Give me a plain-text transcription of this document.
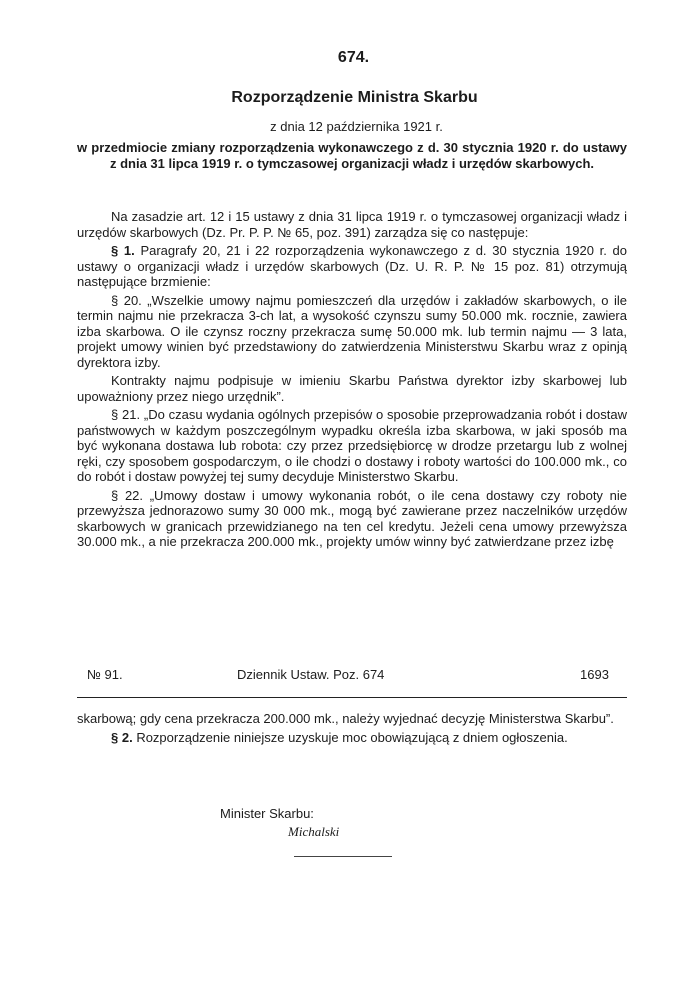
674.
Rozporządzenie Ministra Skarbu
z dnia 12 października 1921 r.
w przedmiocie zmiany rozporządzenia wykonawczego z d. 30 stycznia 1920 r. do ustawy z dnia 31 lipca 1919 r. o tymczasowej organizacji władz i urzędów skarbowych.

Na zasadzie art. 12 i 15 ustawy z dnia 31 lipca 1919 r. o tymczasowej organizacji władz i urzędów skarbowych (Dz. Pr. P. P. № 65, poz. 391) zarządza się co następuje:

§ 1. Paragrafy 20, 21 i 22 rozporządzenia wykonawczego z d. 30 stycznia 1920 r. do ustawy o organizacji władz i urzędów skarbowych (Dz. U. R. P. № 15 poz. 81) otrzymują następujące brzmienie:

§ 20. „Wszelkie umowy najmu pomieszczeń dla urzędów i zakładów skarbowych, o ile termin najmu nie przekracza 3-ch lat, a wysokość czynszu sumy 50.000 mk. rocznie, zawiera izba skarbowa. O ile czynsz roczny przekracza sumę 50.000 mk. lub termin najmu — 3 lata, projekt umowy winien być przedstawiony do zatwierdzenia Ministerstwu Skarbu wraz z opinją dyrektora izby.

Kontrakty najmu podpisuje w imieniu Skarbu Państwa dyrektor izby skarbowej lub upoważniony przez niego urzędnik”.

§ 21. „Do czasu wydania ogólnych przepisów o sposobie przeprowadzania robót i dostaw państwowych w każdym poszczególnym wypadku określa izba skarbowa, w jaki sposób ma być wykonana dostawa lub robota: czy przez przedsiębiorcę w drodze przetargu lub z wolnej ręki, czy sposobem gospodarczym, o ile chodzi o dostawy i roboty wartości do 100.000 mk., co do robót i dostaw powyżej tej sumy decyduje Ministerstwo Skarbu.

§ 22. „Umowy dostaw i umowy wykonania robót, o ile cena dostawy czy roboty nie przewyższa jednorazowo sumy 30 000 mk., mogą być zawierane przez naczelników urzędów skarbowych w granicach przewidzianego na ten cel kredytu. Jeżeli cena umowy przewyższa 30.000 mk., a nie przekracza 200.000 mk., projekty umów winny być zatwierdzane przez izbę

№ 91.	Dziennik Ustaw. Poz. 674	1693

skarbową; gdy cena przekracza 200.000 mk., należy wyjednać decyzję Ministerstwa Skarbu”.

§ 2. Rozporządzenie niniejsze uzyskuje moc obowiązującą z dniem ogłoszenia.

Minister Skarbu:
Michalski
